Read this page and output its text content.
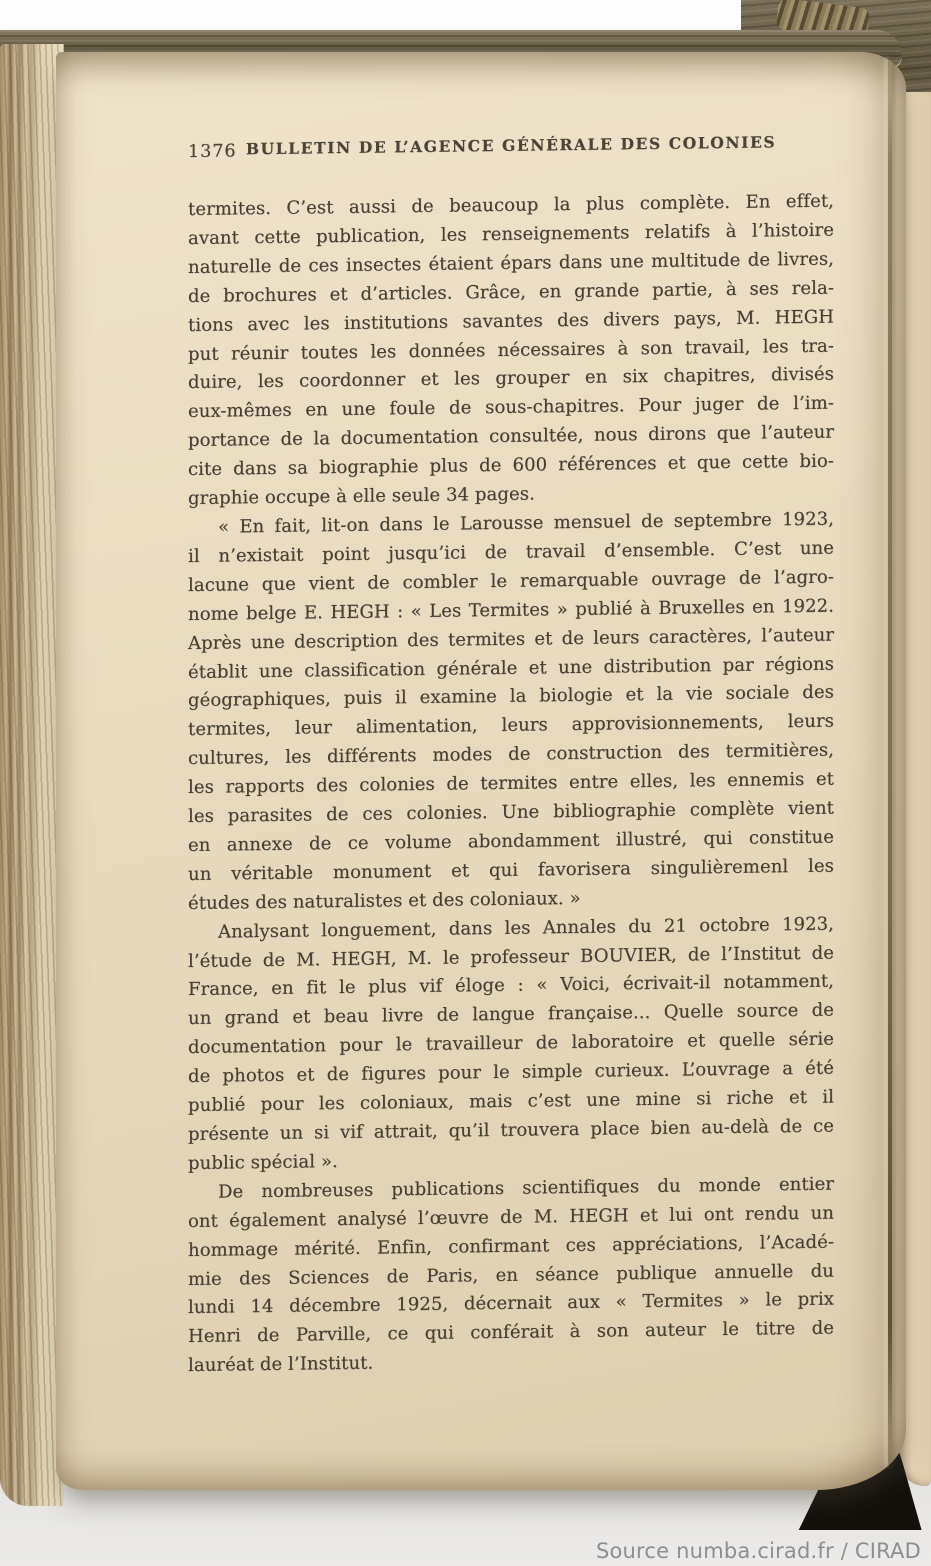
1376 BULLETIN DE L’AGENCE GÉNÉRALE DES COLONIES
termites. C’est aussi de beaucoup la plus complète. En effet,
avant cette publication, les renseignements relatifs à l’histoire
naturelle de ces insectes étaient épars dans une multitude de livres,
de brochures et d’articles. Grâce, en grande partie, à ses rela-
tions avec les institutions savantes des divers pays, M. HEGH
put réunir toutes les données nécessaires à son travail, les tra-
duire, les coordonner et les grouper en six chapitres, divisés
eux-mêmes en une foule de sous-chapitres. Pour juger de l’im-
portance de la documentation consultée, nous dirons que l’auteur
cite dans sa biographie plus de 600 références et que cette bio-
graphie occupe à elle seule 34 pages.
« En fait, lit-on dans le Larousse mensuel de septembre 1923,
il n’existait point jusqu’ici de travail d’ensemble. C’est une
lacune que vient de combler le remarquable ouvrage de l’agro-
nome belge E. HEGH : « Les Termites » publié à Bruxelles en 1922.
Après une description des termites et de leurs caractères, l’auteur
établit une classification générale et une distribution par régions
géographiques, puis il examine la biologie et la vie sociale des
termites, leur alimentation, leurs approvisionnements, leurs
cultures, les différents modes de construction des termitières,
les rapports des colonies de termites entre elles, les ennemis et
les parasites de ces colonies. Une bibliographie complète vient
en annexe de ce volume abondamment illustré, qui constitue
un véritable monument et qui favorisera singulièremenl les
études des naturalistes et des coloniaux. »
Analysant longuement, dans les Annales du 21 octobre 1923,
l’étude de M. HEGH, M. le professeur BOUVIER, de l’Institut de
France, en fit le plus vif éloge : « Voici, écrivait-il notamment,
un grand et beau livre de langue française... Quelle source de
documentation pour le travailleur de laboratoire et quelle série
de photos et de figures pour le simple curieux. L’ouvrage a été
publié pour les coloniaux, mais c’est une mine si riche et il
présente un si vif attrait, qu’il trouvera place bien au-delà de ce
public spécial ».
De nombreuses publications scientifiques du monde entier
ont également analysé l’œuvre de M. HEGH et lui ont rendu un
hommage mérité. Enfin, confirmant ces appréciations, l’Acadé-
mie des Sciences de Paris, en séance publique annuelle du
lundi 14 décembre 1925, décernait aux « Termites » le prix
Henri de Parville, ce qui conférait à son auteur le titre de
lauréat de l’Institut.
Source numba.cirad.fr / CIRAD
